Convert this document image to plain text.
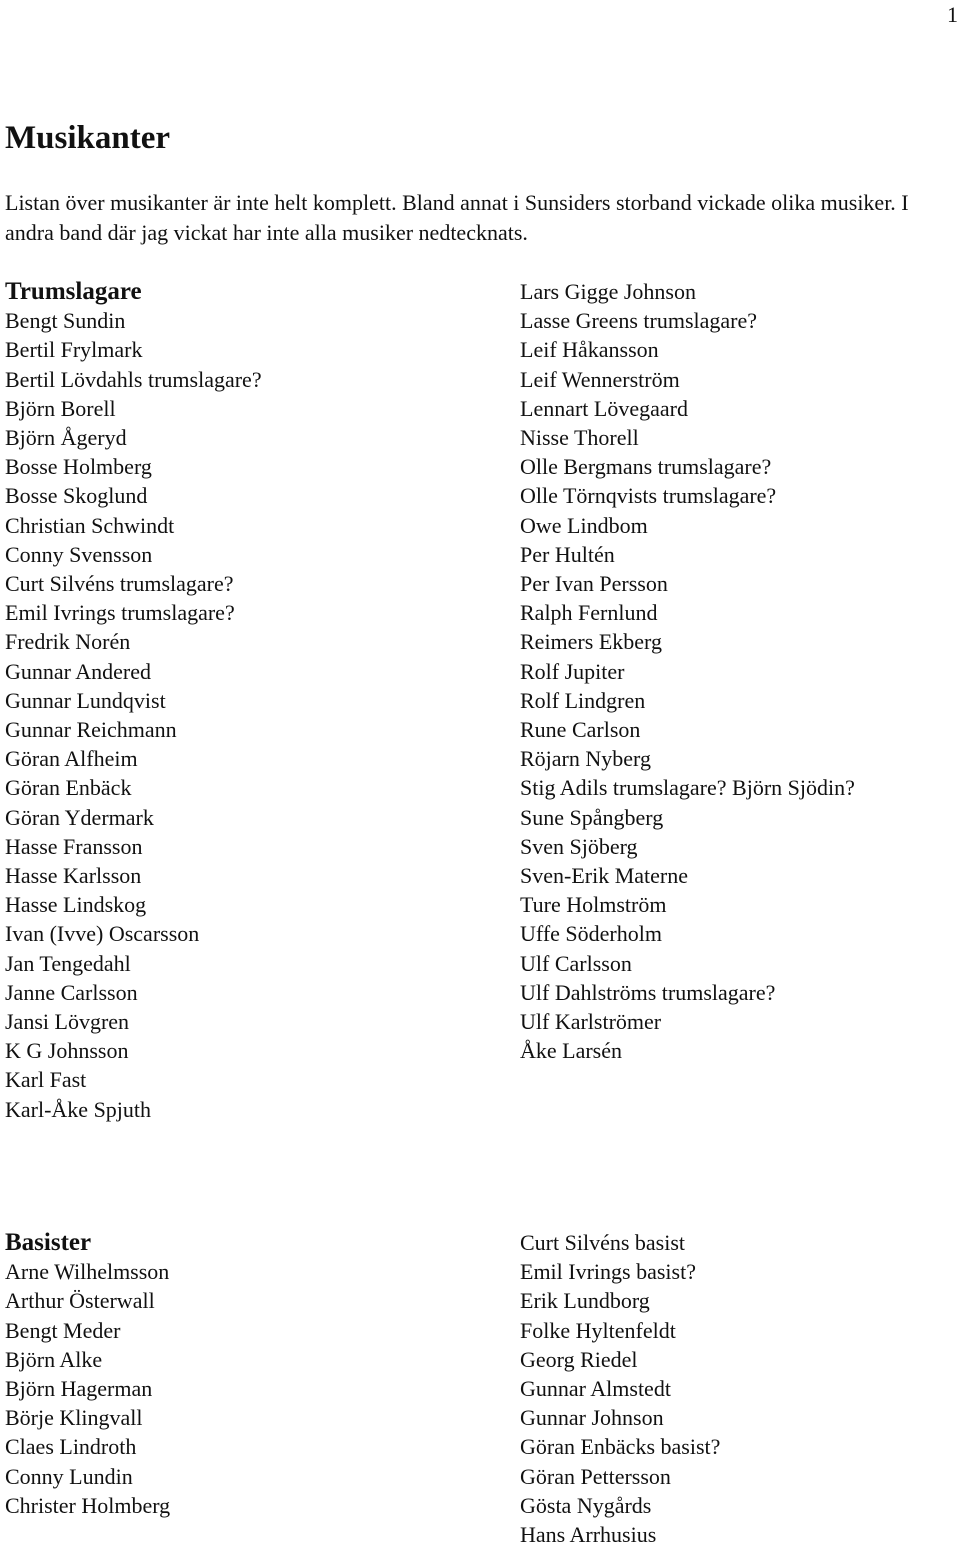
1
Musikanter

Listan över musikanter är inte helt komplett. Bland annat i Sunsiders storband vickade olika musiker. I andra band där jag vickat har inte alla musiker nedtecknats.

Trumslagare
Bengt Sundin
Bertil Frylmark
Bertil Lövdahls trumslagare?
Björn Borell
Björn Ågeryd
Bosse Holmberg
Bosse Skoglund
Christian Schwindt
Conny Svensson
Curt Silvéns trumslagare?
Emil Ivrings trumslagare?
Fredrik Norén
Gunnar Andered
Gunnar Lundqvist
Gunnar Reichmann
Göran Alfheim
Göran Enbäck
Göran Ydermark
Hasse Fransson
Hasse Karlsson
Hasse Lindskog
Ivan (Ivve) Oscarsson
Jan Tengedahl
Janne Carlsson
Jansi Lövgren
K G Johnsson
Karl Fast
Karl-Åke Spjuth
Lars Gigge Johnson
Lasse Greens trumslagare?
Leif Håkansson
Leif Wennerström
Lennart Lövegaard
Nisse Thorell
Olle Bergmans trumslagare?
Olle Törnqvists trumslagare?
Owe Lindbom
Per Hultén
Per Ivan Persson
Ralph Fernlund
Reimers Ekberg
Rolf Jupiter
Rolf Lindgren
Rune Carlson
Röjarn Nyberg
Stig Adils trumslagare? Björn Sjödin?
Sune Spångberg
Sven Sjöberg
Sven-Erik Materne
Ture Holmström
Uffe Söderholm
Ulf Carlsson
Ulf Dahlströms trumslagare?
Ulf Karlströmer
Åke Larsén
Basister
Arne Wilhelmsson
Arthur Österwall
Bengt Meder
Björn Alke
Björn Hagerman
Börje Klingvall
Claes Lindroth
Conny Lundin
Christer Holmberg
Curt Silvéns basist
Emil Ivrings basist?
Erik Lundborg
Folke Hyltenfeldt
Georg Riedel
Gunnar Almstedt
Gunnar Johnson
Göran Enbäcks basist?
Göran Pettersson
Gösta Nygårds
Hans Arrhusius
